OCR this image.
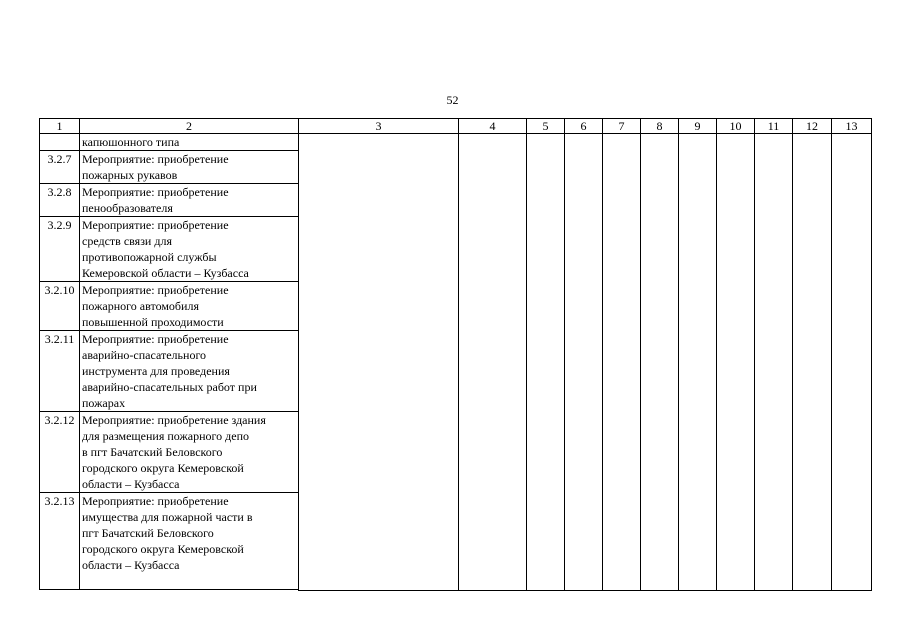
52
1	2	3	4	5	6	7	8	9	10	11	12	13
	капюшонного типа											
3.2.7	Мероприятие: приобретение
пожарных рукавов											
3.2.8	Мероприятие: приобретение
пенообразователя											
3.2.9	Мероприятие: приобретение
средств связи для
противопожарной службы
Кемеровской области – Кузбасса											
3.2.10	Мероприятие: приобретение
пожарного автомобиля
повышенной проходимости											
3.2.11	Мероприятие: приобретение
аварийно-спасательного
инструмента для проведения
аварийно-спасательных работ при
пожарах											
3.2.12	Мероприятие: приобретение здания
для размещения пожарного депо
в пгт Бачатский Беловского
городского округа Кемеровской
области – Кузбасса											
3.2.13	Мероприятие: приобретение
имущества для пожарной части в
пгт Бачатский Беловского
городского округа Кемеровской
области – Кузбасса											
